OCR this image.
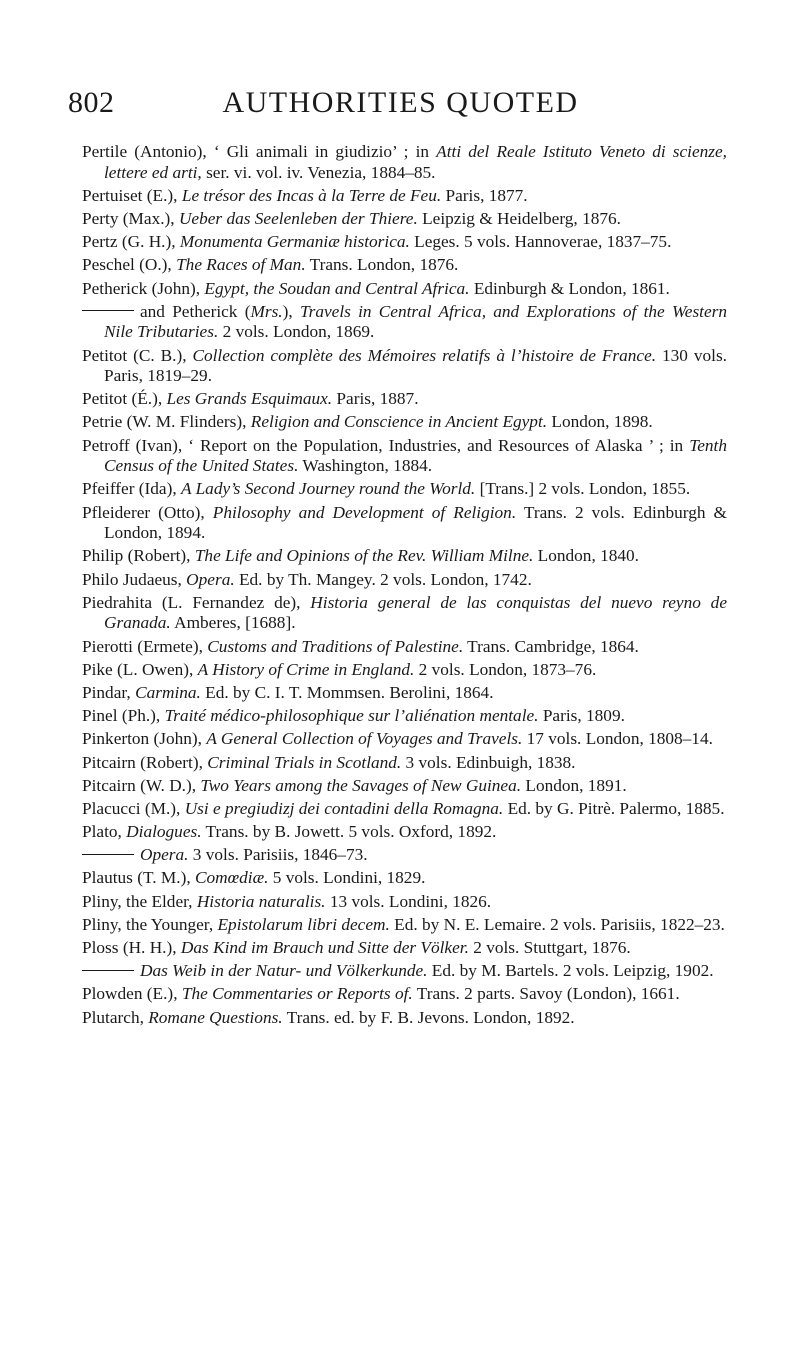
802	AUTHORITIES QUOTED

Pertile (Antonio), ‘ Gli animali in giudizio’ ; in Atti del Reale Istituto Veneto di scienze, lettere ed arti, ser. vi. vol. iv. Venezia, 1884–85.

Pertuiset (E.), Le trésor des Incas à la Terre de Feu. Paris, 1877.

Perty (Max.), Ueber das Seelenleben der Thiere. Leipzig & Heidelberg, 1876.

Pertz (G. H.), Monumenta Germaniæ historica. Leges. 5 vols. Hannoverae, 1837–75.

Peschel (O.), The Races of Man. Trans. London, 1876.

Petherick (John), Egypt, the Soudan and Central Africa. Edinburgh & London, 1861.

and Petherick (Mrs.), Travels in Central Africa, and Explorations of the Western Nile Tributaries. 2 vols. London, 1869.

Petitot (C. B.), Collection complète des Mémoires relatifs à l’histoire de France. 130 vols. Paris, 1819–29.

Petitot (É.), Les Grands Esquimaux. Paris, 1887.

Petrie (W. M. Flinders), Religion and Conscience in Ancient Egypt. London, 1898.

Petroff (Ivan), ‘ Report on the Population, Industries, and Resources of Alaska ’ ; in Tenth Census of the United States. Washington, 1884.

Pfeiffer (Ida), A Lady’s Second Journey round the World. [Trans.] 2 vols. London, 1855.

Pfleiderer (Otto), Philosophy and Development of Religion. Trans. 2 vols. Edinburgh & London, 1894.

Philip (Robert), The Life and Opinions of the Rev. William Milne. London, 1840.

Philo Judaeus, Opera. Ed. by Th. Mangey. 2 vols. London, 1742.

Piedrahita (L. Fernandez de), Historia general de las conquistas del nuevo reyno de Granada. Amberes, [1688].

Pierotti (Ermete), Customs and Traditions of Palestine. Trans. Cambridge, 1864.

Pike (L. Owen), A History of Crime in England. 2 vols. London, 1873–76.

Pindar, Carmina. Ed. by C. I. T. Mommsen. Berolini, 1864.

Pinel (Ph.), Traité médico-philosophique sur l’aliénation mentale. Paris, 1809.

Pinkerton (John), A General Collection of Voyages and Travels. 17 vols. London, 1808–14.

Pitcairn (Robert), Criminal Trials in Scotland. 3 vols. Edinbuigh, 1838.

Pitcairn (W. D.), Two Years among the Savages of New Guinea. London, 1891.

Placucci (M.), Usi e pregiudizj dei contadini della Romagna. Ed. by G. Pitrè. Palermo, 1885.

Plato, Dialogues. Trans. by B. Jowett. 5 vols. Oxford, 1892.

Opera. 3 vols. Parisiis, 1846–73.

Plautus (T. M.), Comœdiæ. 5 vols. Londini, 1829.

Pliny, the Elder, Historia naturalis. 13 vols. Londini, 1826.

Pliny, the Younger, Epistolarum libri decem. Ed. by N. E. Lemaire. 2 vols. Parisiis, 1822–23.

Ploss (H. H.), Das Kind im Brauch und Sitte der Völker. 2 vols. Stuttgart, 1876.

Das Weib in der Natur- und Völkerkunde. Ed. by M. Bartels. 2 vols. Leipzig, 1902.

Plowden (E.), The Commentaries or Reports of. Trans. 2 parts. Savoy (London), 1661.

Plutarch, Romane Questions. Trans. ed. by F. B. Jevons. London, 1892.
